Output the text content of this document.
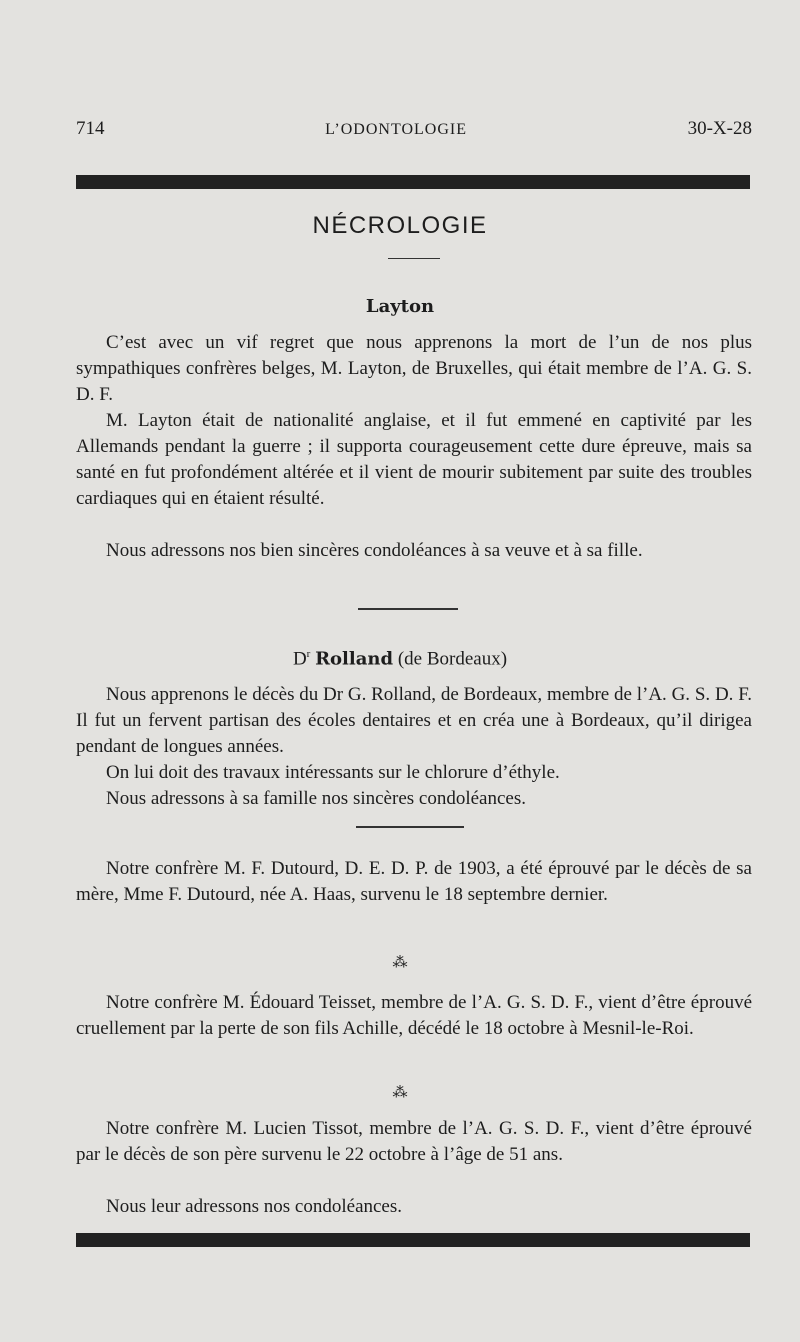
714	L’ODONTOLOGIE	30-X-28
NÉCROLOGIE
Layton

C’est avec un vif regret que nous apprenons la mort de l’un de nos plus sympathiques confrères belges, M. Layton, de Bruxelles, qui était membre de l’A. G. S. D. F.

M. Layton était de nationalité anglaise, et il fut emmené en captivité par les Allemands pendant la guerre ; il supporta courageusement cette dure épreuve, mais sa santé en fut profondément altérée et il vient de mourir subitement par suite des troubles cardiaques qui en étaient résulté.

Nous adressons nos bien sincères condoléances à sa veuve et à sa fille.

$D^r$ Rolland (de Bordeaux)

Nous apprenons le décès du Dr G. Rolland, de Bordeaux, membre de l’A. G. S. D. F. Il fut un fervent partisan des écoles dentaires et en créa une à Bordeaux, qu’il dirigea pendant de longues années.

On lui doit des travaux intéressants sur le chlorure d’éthyle.

Nous adressons à sa famille nos sincères condoléances.

Notre confrère M. F. Dutourd, D. E. D. P. de 1903, a été éprouvé par le décès de sa mère, Mme F. Dutourd, née A. Haas, survenu le 18 septembre dernier.

⁂

Notre confrère M. Édouard Teisset, membre de l’A. G. S. D. F., vient d’être éprouvé cruellement par la perte de son fils Achille, décédé le 18 octobre à Mesnil-le-Roi.

⁂

Notre confrère M. Lucien Tissot, membre de l’A. G. S. D. F., vient d’être éprouvé par le décès de son père survenu le 22 octobre à l’âge de 51 ans.

Nous leur adressons nos condoléances.
